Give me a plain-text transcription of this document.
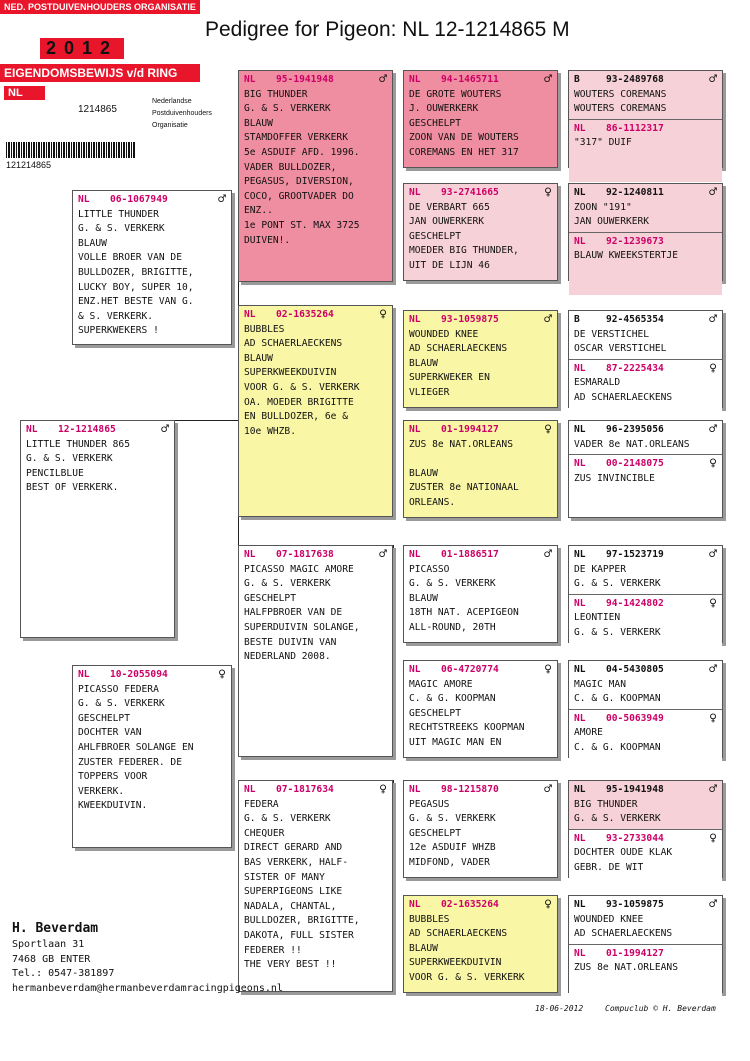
Pedigree for Pigeon: NL 12-1214865 M
NED. POSTDUIVENHOUDERS ORGANISATIE
2012
EIGENDOMSBEWIJS v/d RING
NL
1214865
Nederlandse
Postduivenhouders
Organisatie
121214865
NL	12-1214865	♂
LITTLE THUNDER 865
G. & S. VERKERK
PENCILBLUE
BEST OF VERKERK.
NL	06-1067949	♂
LITTLE THUNDER
G. & S. VERKERK
BLAUW
VOLLE BROER VAN DE
BULLDOZER, BRIGITTE,
LUCKY BOY, SUPER 10,
ENZ.HET BESTE VAN G.
& S. VERKERK.
SUPERKWEKERS !
NL	10-2055094	♀
PICASSO FEDERA
G. & S. VERKERK
GESCHELPT
DOCHTER VAN
AHLFBROER SOLANGE EN
ZUSTER FEDERER. DE
TOPPERS VOOR
VERKERK.
KWEEKDUIVIN.
NL	95-1941948	♂
BIG THUNDER
G. & S. VERKERK
BLAUW
STAMDOFFER VERKERK
5e ASDUIF AFD. 1996.
VADER BULLDOZER,
PEGASUS, DIVERSION,
COCO, GROOTVADER DO
ENZ..
1e PONT ST. MAX 3725
DUIVEN!.
NL	02-1635264	♀
BUBBLES
AD SCHAERLAECKENS
BLAUW
SUPERKWEEKDUIVIN
VOOR G. & S. VERKERK
OA. MOEDER BRIGITTE
EN BULLDOZER, 6e &
10e WHZB.
NL	07-1817638	♂
PICASSO MAGIC AMORE
G. & S. VERKERK
GESCHELPT
HALFPBROER VAN DE
SUPERDUIVIN SOLANGE,
BESTE DUIVIN VAN
NEDERLAND 2008.
NL	07-1817634	♀
FEDERA
G. & S. VERKERK
CHEQUER
DIRECT GERARD AND
BAS VERKERK, HALF-
SISTER OF MANY
SUPERPIGEONS LIKE
NADALA, CHANTAL,
BULLDOZER, BRIGITTE,
DAKOTA, FULL SISTER
FEDERER !!
THE VERY BEST !!
NL	94-1465711	♂
DE GROTE WOUTERS
J. OUWERKERK
GESCHELPT
ZOON VAN DE WOUTERS
COREMANS EN HET 317
NL	93-2741665	♀
DE VERBART 665
JAN OUWERKERK
GESCHELPT
MOEDER BIG THUNDER,
UIT DE LIJN 46
NL	93-1059875	♂
WOUNDED KNEE
AD SCHAERLAECKENS
BLAUW
SUPERKWEKER EN
VLIEGER
NL	01-1994127	♀
ZUS 8e NAT.ORLEANS

BLAUW
ZUSTER 8e NATIONAAL
ORLEANS.
NL	01-1886517	♂
PICASSO
G. & S. VERKERK
BLAUW
18TH NAT. ACEPIGEON
ALL-ROUND, 20TH
NL	06-4720774	♀
MAGIC AMORE
C. & G. KOOPMAN
GESCHELPT
RECHTSTREEKS KOOPMAN
UIT MAGIC MAN EN
NL	98-1215870	♂
PEGASUS
G. & S. VERKERK
GESCHELPT
12e ASDUIF WHZB
MIDFOND, VADER
NL	02-1635264	♀
BUBBLES
AD SCHAERLAECKENS
BLAUW
SUPERKWEEKDUIVIN
VOOR G. & S. VERKERK
B	93-2489768	♂
WOUTERS COREMANS
WOUTERS COREMANS
NL	86-1112317
"317" DUIF
NL	92-1240811	♂
ZOON "191"
JAN OUWERKERK
NL	92-1239673
BLAUW KWEEKSTERTJE
B	92-4565354	♂
DE VERSTICHEL
OSCAR VERSTICHEL
NL	87-2225434	♀
ESMARALD
AD SCHAERLAECKENS
NL	96-2395056	♂
VADER 8e NAT.ORLEANS
NL	00-2148075	♀
ZUS INVINCIBLE
NL	97-1523719	♂
DE KAPPER
G. & S. VERKERK
NL	94-1424802	♀
LEONTIEN
G. & S. VERKERK
NL	04-5430805	♂
MAGIC MAN
C. & G. KOOPMAN
NL	00-5063949	♀
AMORE
C. & G. KOOPMAN
NL	95-1941948	♂
BIG THUNDER
G. & S. VERKERK
NL	93-2733044	♀
DOCHTER OUDE KLAK
GEBR. DE WIT
NL	93-1059875	♂
WOUNDED KNEE
AD SCHAERLAECKENS
NL	01-1994127
ZUS 8e NAT.ORLEANS
H. Beverdam
Sportlaan 31
7468 GB ENTER
Tel.: 0547-381897
hermanbeverdam@hermanbeverdamracingpigeons.nl
18-06-2012	Compuclub © H. Beverdam
